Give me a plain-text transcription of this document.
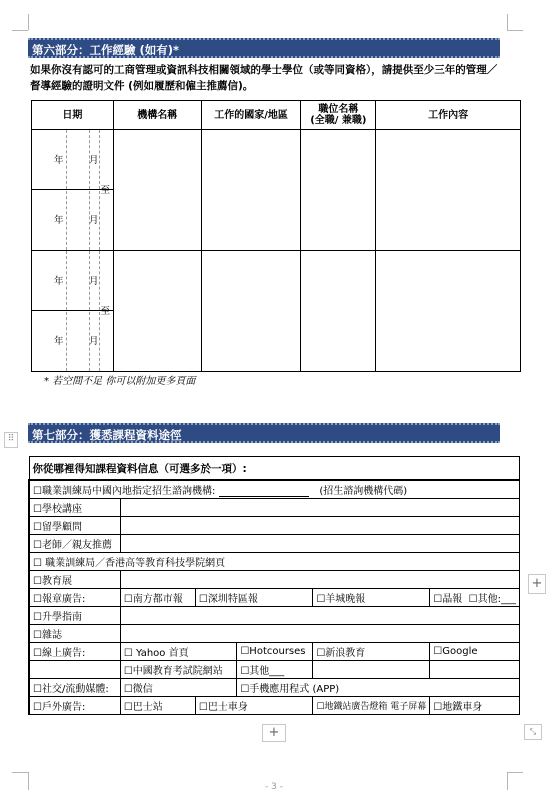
第六部分：工作經驗 (如有)*
如果你沒有認可的工商管理或資訊科技相關領域的學士學位（或等同資格），請提供至少三年的管理／督導經驗的證明文件 (例如履歷和僱主推薦信)。
日期	機構名稱	工作的國家/地區	職位名稱
(全職/ 兼職)	工作內容

年 月
至
年 月				

年 月
至
年 月				

* 若空間不足 你可以附加更多頁面
⠿
+
+	⤡
第七部分：獲悉課程資料途徑
你從哪裡得知課程資料信息（可選多於一項）:					
☐職業訓練局中國內地指定招生諮詢機構: (招生諮詢機構代碼)					
☐學校講座					
☐留學顧問					
☐老師／親友推薦					
☐ 職業訓練局／香港高等教育科技學院網頁					
☐教育展					
☐報章廣告:	☐南方都市報	☐深圳特區報		☐羊城晚報	☐晶報 ☐其他:___
☐升學指南					
☐雜誌					
☐線上廣告:	☐ Yahoo 首頁		☐Hotcourses	☐新浪教育	☐Google
	☐中國教育考試院網站		☐其他___		
☐社交/流動媒體:	☐微信		☐手機應用程式 (APP)		
☐戶外廣告:	☐巴士站	☐巴士車身		☐地鐵站廣告燈箱 電子屏幕	☐地鐵車身
- 3 -
